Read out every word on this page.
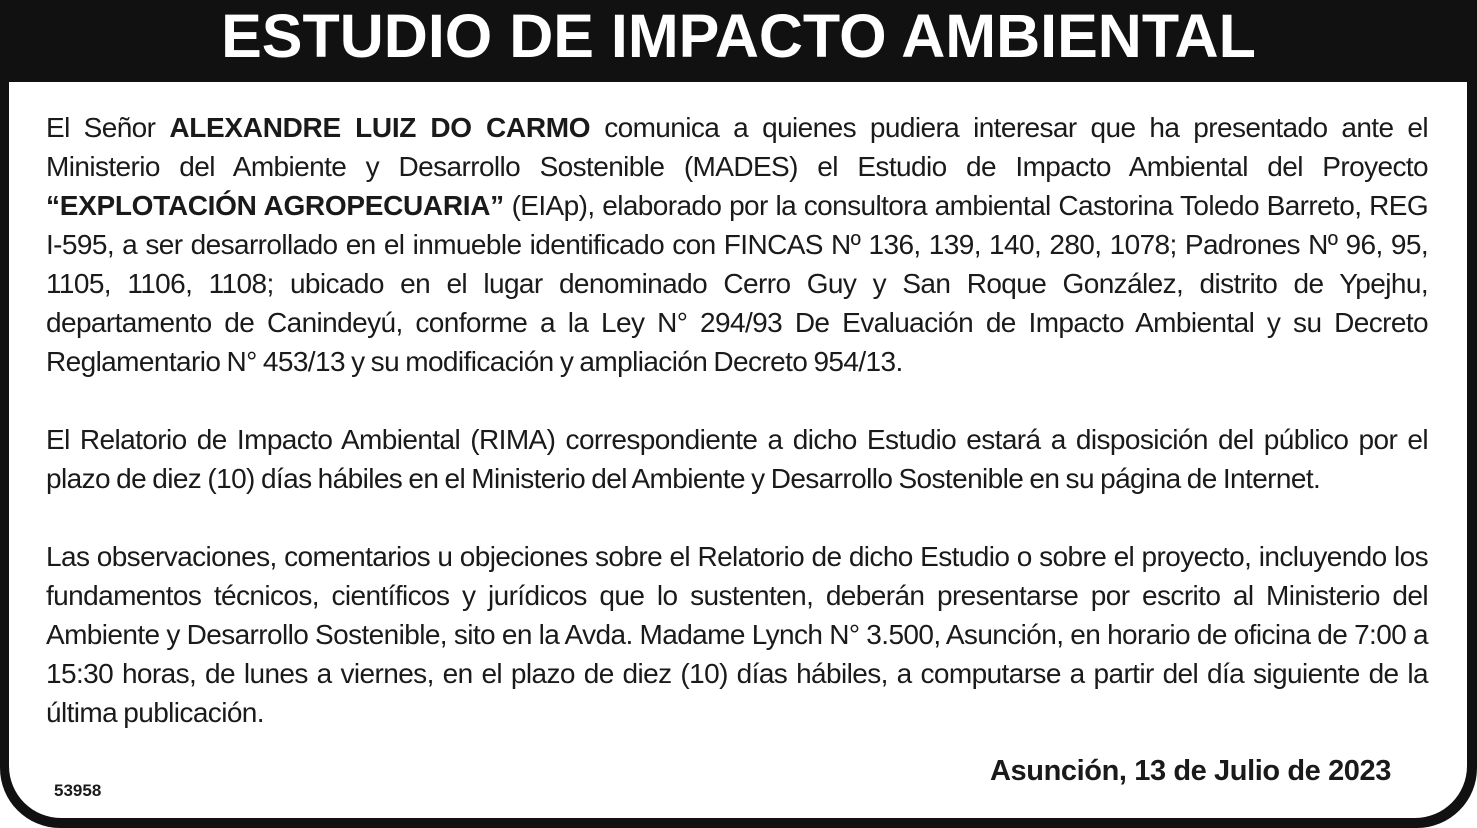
ESTUDIO DE IMPACTO AMBIENTAL

El Señor ALEXANDRE LUIZ DO CARMO comunica a quienes pudiera interesar que ha presentado ante el Ministerio del Ambiente y Desarrollo Sostenible (MADES) el Estudio de Impacto Ambiental del Proyecto “EXPLOTACIÓN AGROPECUARIA” (EIAp), elaborado por la consultora ambiental Castorina Toledo Barreto, REG I-595, a ser desarrollado en el inmueble identificado con FINCAS Nº 136, 139, 140, 280, 1078; Padrones Nº 96, 95, 1105, 1106, 1108; ubicado en el lugar denominado Cerro Guy y San Roque González, distrito de Ypejhu, departamento de Canindeyú, conforme a la Ley N° 294/93 De Evaluación de Impacto Ambiental y su Decreto Reglamentario N° 453/13 y su modificación y ampliación Decreto 954/13.

El Relatorio de Impacto Ambiental (RIMA) correspondiente a dicho Estudio estará a disposición del público por el plazo de diez (10) días hábiles en el Ministerio del Ambiente y Desarrollo Sostenible en su página de Internet.

Las observaciones, comentarios u objeciones sobre el Relatorio de dicho Estudio o sobre el proyecto, incluyendo los fundamentos técnicos, científicos y jurídicos que lo sustenten, deberán presentarse por escrito al Ministerio del Ambiente y Desarrollo Sostenible, sito en la Avda. Madame Lynch N° 3.500, Asunción, en horario de oficina de 7:00 a 15:30 horas, de lunes a viernes, en el plazo de diez (10) días hábiles, a computarse a partir del día siguiente de la última publicación.

Asunción, 13 de Julio de 2023
53958
